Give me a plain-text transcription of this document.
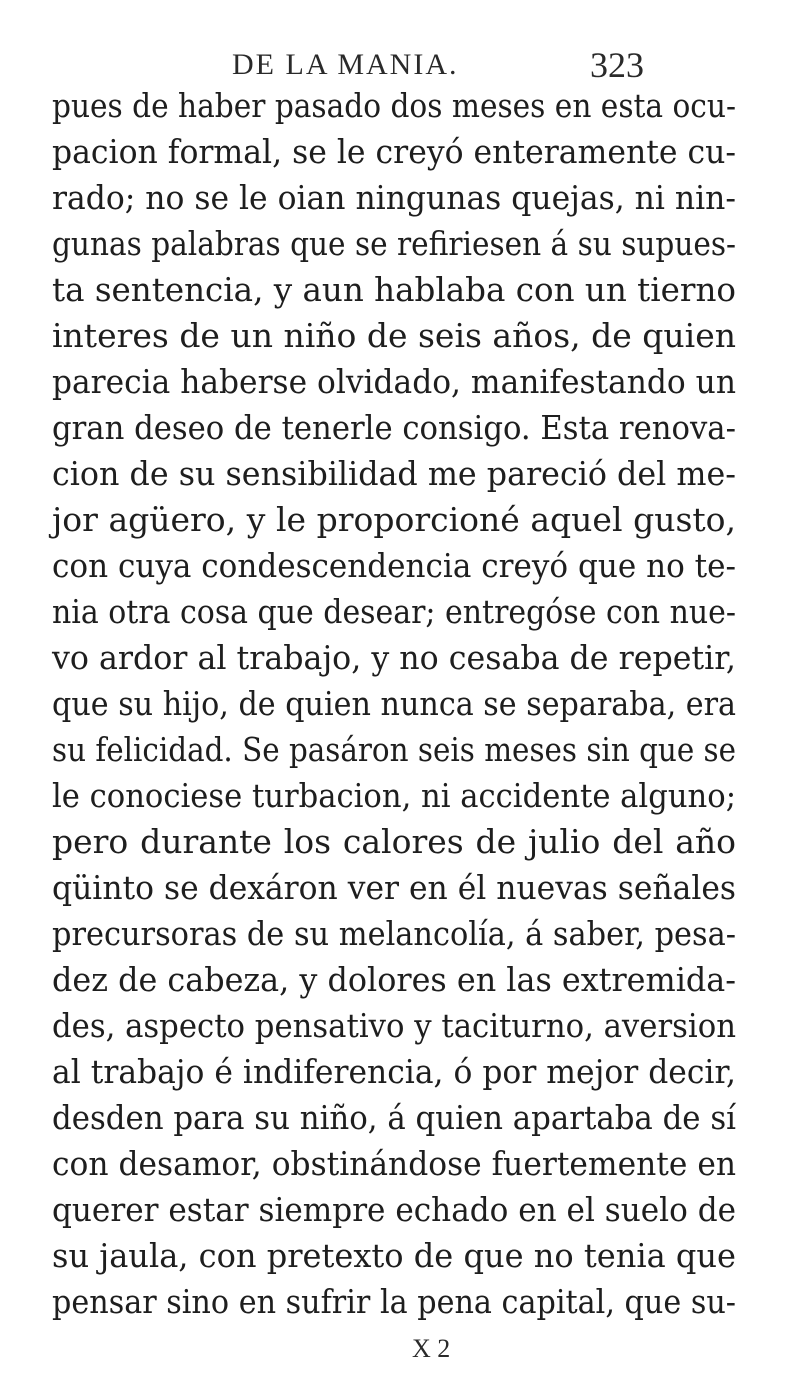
DE LA MANIA.	323
pues de haber pasado dos meses en esta ocu-
pacion formal, se le creyó enteramente cu-
rado; no se le oian ningunas quejas, ni nin-
gunas palabras que se refiriesen á su supues-
ta sentencia, y aun hablaba con un tierno
interes de un niño de seis años, de quien
parecia haberse olvidado, manifestando un
gran deseo de tenerle consigo. Esta renova-
cion de su sensibilidad me pareció del me-
jor agüero, y le proporcioné aquel gusto,
con cuya condescendencia creyó que no te-
nia otra cosa que desear; entregóse con nue-
vo ardor al trabajo, y no cesaba de repetir,
que su hijo, de quien nunca se separaba, era
su felicidad. Se pasáron seis meses sin que se
le conociese turbacion, ni accidente alguno;
pero durante los calores de julio del año
qüinto se dexáron ver en él nuevas señales
precursoras de su melancolía, á saber, pesa-
dez de cabeza, y dolores en las extremida-
des, aspecto pensativo y taciturno, aversion
al trabajo é indiferencia, ó por mejor decir,
desden para su niño, á quien apartaba de sí
con desamor, obstinándose fuertemente en
querer estar siempre echado en el suelo de
su jaula, con pretexto de que no tenia que
pensar sino en sufrir la pena capital, que su-
X 2
